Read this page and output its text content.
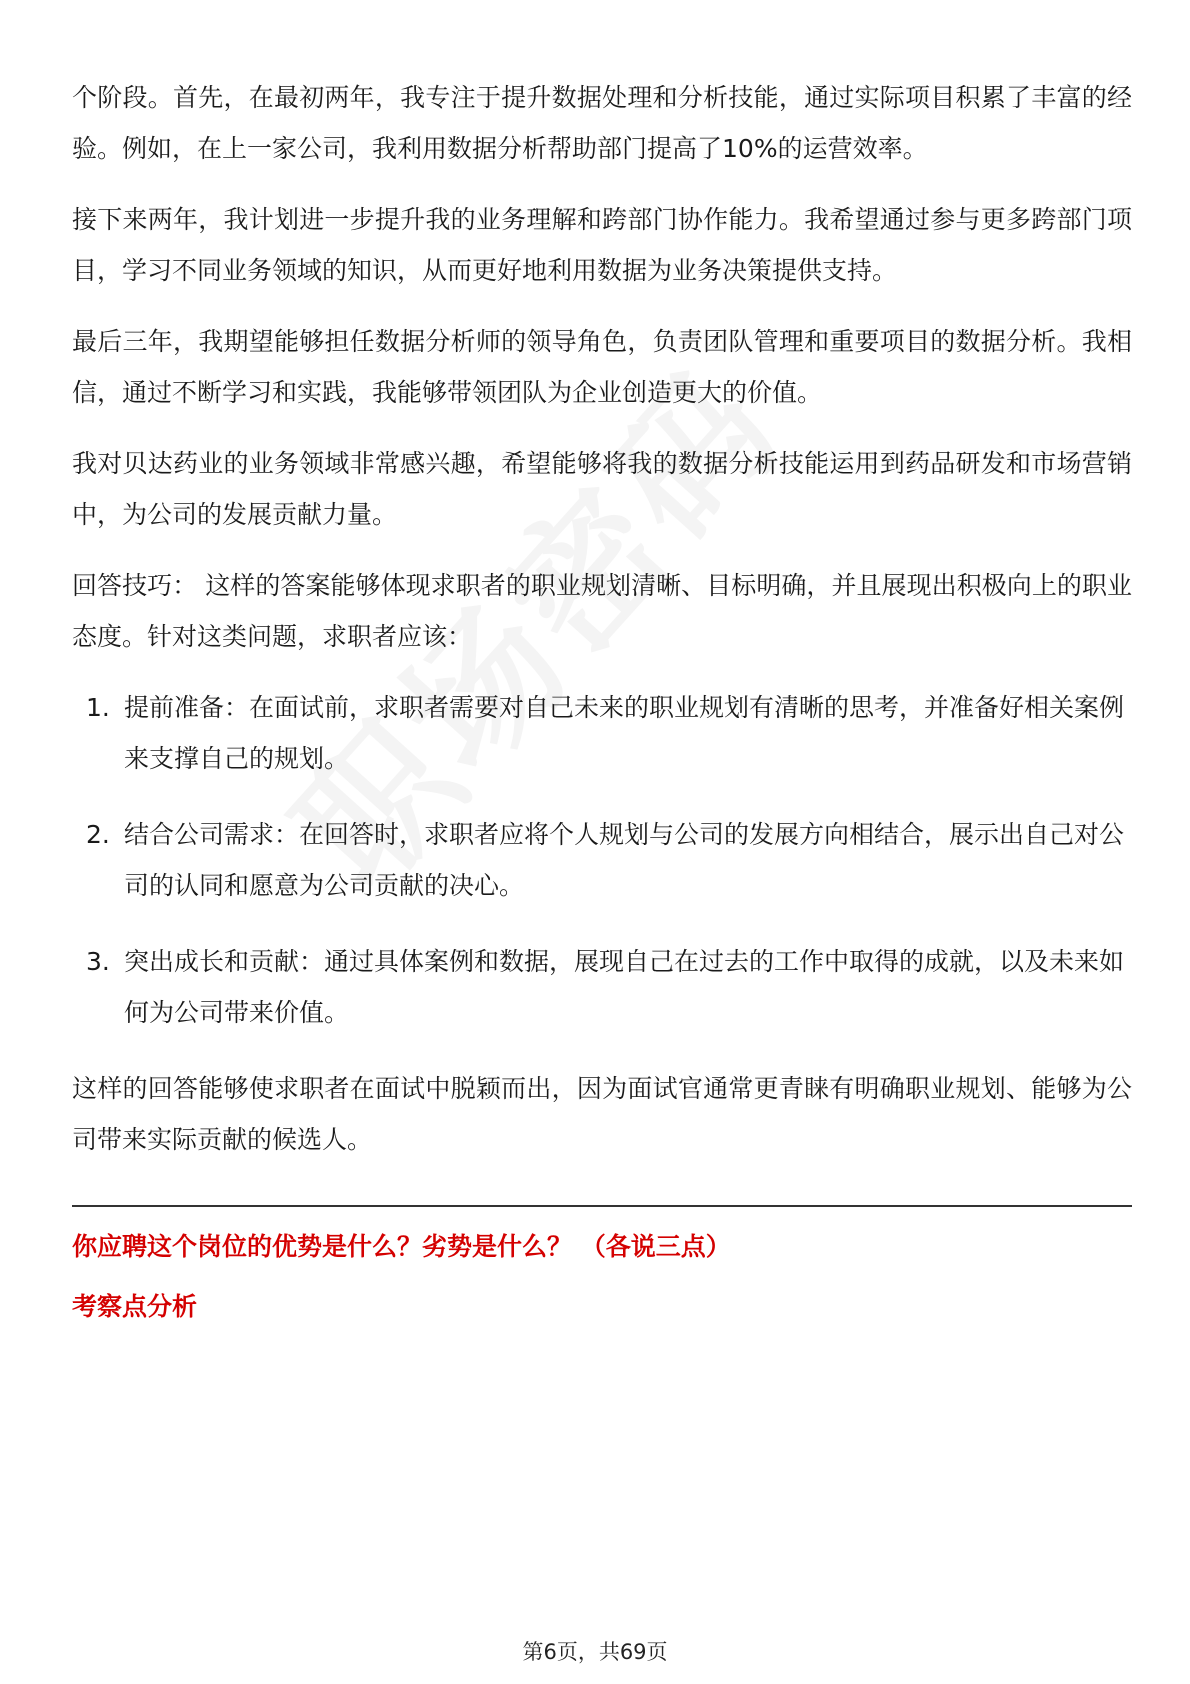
个阶段。首先，在最初两年，我专注于提升数据处理和分析技能，通过实际项目积累了丰富的经验。例如，在上一家公司，我利用数据分析帮助部门提高了10%的运营效率。

接下来两年，我计划进一步提升我的业务理解和跨部门协作能力。我希望通过参与更多跨部门项目，学习不同业务领域的知识，从而更好地利用数据为业务决策提供支持。

最后三年，我期望能够担任数据分析师的领导角色，负责团队管理和重要项目的数据分析。我相信，通过不断学习和实践，我能够带领团队为企业创造更大的价值。

我对贝达药业的业务领域非常感兴趣，希望能够将我的数据分析技能运用到药品研发和市场营销中，为公司的发展贡献力量。

回答技巧： 这样的答案能够体现求职者的职业规划清晰、目标明确，并且展现出积极向上的职业态度。针对这类问题，求职者应该：

1. 提前准备：在面试前，求职者需要对自己未来的职业规划有清晰的思考，并准备好相关案例来支撑自己的规划。
2. 结合公司需求：在回答时，求职者应将个人规划与公司的发展方向相结合，展示出自己对公司的认同和愿意为公司贡献的决心。
3. 突出成长和贡献：通过具体案例和数据，展现自己在过去的工作中取得的成就，以及未来如何为公司带来价值。

这样的回答能够使求职者在面试中脱颖而出，因为面试官通常更青睐有明确职业规划、能够为公司带来实际贡献的候选人。

你应聘这个岗位的优势是什么？劣势是什么？ （各说三点）
考察点分析
第6页，共69页
